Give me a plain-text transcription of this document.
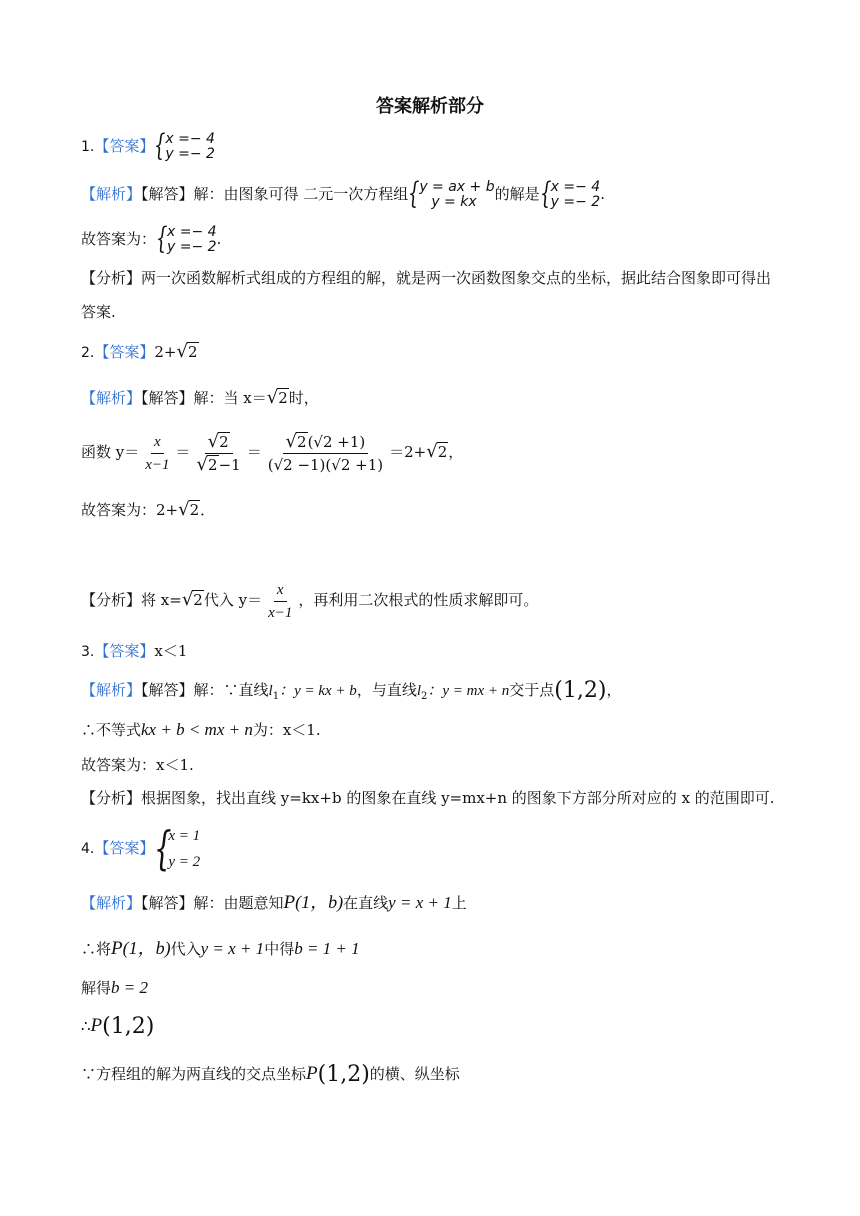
答案解析部分
1.【答案】 { x =− 4
y =− 2
【解析】【解答】解：由图象可得 二元一次方程组 { y = ax + b
y = kx	的解是 { x =− 4
y =− 2 .
故答案为： { x =− 4
y =− 2 .
【分析】两一次函数解析式组成的方程组的解，就是两一次函数图象交点的坐标，据此结合图象即可得出
答案.
2.【答案】2+√2
【解析】【解答】解：当 x＝√2时，
函数 $y= \frac{x}{x-1} = \frac{√2}{√2-1} = \frac{√2(√2 +1)}{(√2 -1)(√2 +1)} =2+√2$，
故答案为：2+√2．
【分析】将 x=√2代入 $y= \frac{x}{x-1}$ ，再利用二次根式的性质求解即可。
3.【答案】x＜1
【解析】【解答】解：∵直线$l_1$：y = kx + b，与直线$l_2$：y = mx + n交于点(1,2)，
∴不等式kx + b < mx + n为：x＜1.
故答案为：x＜1.
【分析】根据图象，找出直线 y=kx+b 的图象在直线 y=mx+n 的图象下方部分所对应的 x 的范围即可.
4.【答案】 {
x = 1
y = 2
【解析】【解答】解：由题意知P(1，b)在直线y = x + 1上
∴将P(1，b)代入y = x + 1中得b = 1 + 1
解得b = 2
∴P(1,2)
∵方程组的解为两直线的交点坐标P(1,2)的横、纵坐标
